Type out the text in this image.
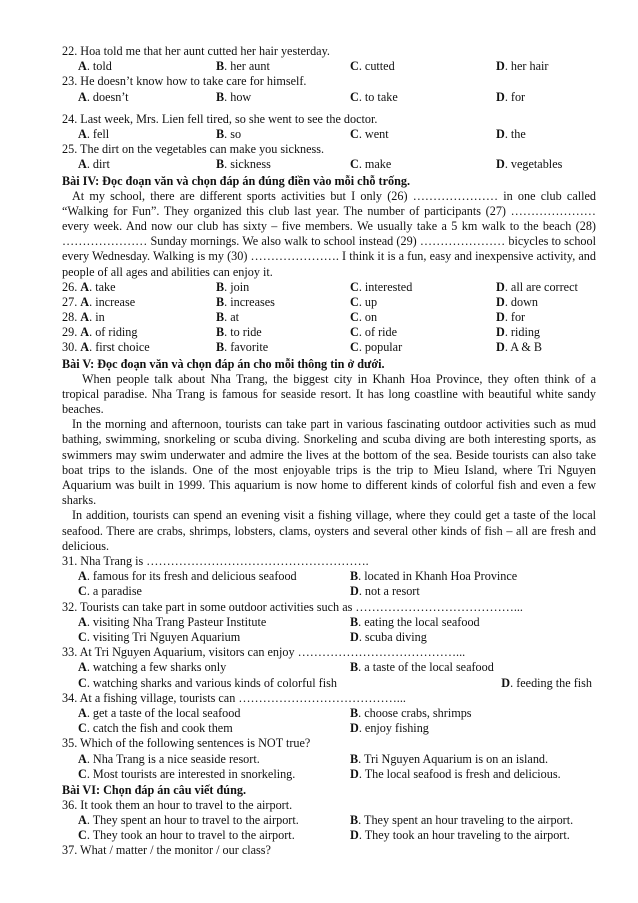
22. Hoa told me that her aunt cutted her hair yesterday.
A. told	B. her aunt	C. cutted	D. her hair
23. He doesn’t know how to take care for himself.
A. doesn’t	B. how	C. to take	D. for
24. Last week, Mrs. Lien fell tired, so she went to see the doctor.
A. fell	B. so	C. went	D. the
25. The dirt on the vegetables can make you sickness.
A. dirt	B. sickness	C. make	D. vegetables
Bài IV: Đọc đoạn văn và chọn đáp án đúng điền vào mỗi chỗ trống.
At my school, there are different sports activities but I only (26) ………………… in one club called “Walking for Fun”. They organized this club last year. The number of participants (27) ………………… every week. And now our club has sixty – five members. We usually take a 5 km walk to the beach (28) ………………… Sunday mornings. We also walk to school instead (29) ………………… bicycles to school every Wednesday. Walking is my (30) …………………. I think it is a fun, easy and inexpensive activity, and people of all ages and abilities can enjoy it.
26. A. take	B. join	C. interested	D. all are correct
27. A. increase	B. increases	C. up	D. down
28. A. in	B. at	C. on	D. for
29. A. of riding	B. to ride	C. of ride	D. riding
30. A. first choice	B. favorite	C. popular	D. A & B
Bài V: Đọc đoạn văn và chọn đáp án cho mỗi thông tin ở dưới.
When people talk about Nha Trang, the biggest city in Khanh Hoa Province, they often think of a tropical paradise. Nha Trang is famous for seaside resort. It has long coastline with beautiful white sandy beaches.
In the morning and afternoon, tourists can take part in various fascinating outdoor activities such as mud bathing, swimming, snorkeling or scuba diving. Snorkeling and scuba diving are both interesting sports, as swimmers may swim underwater and admire the lives at the bottom of the sea. Beside tourists can also take boat trips to the islands. One of the most enjoyable trips is the trip to Mieu Island, where Tri Nguyen Aquarium was built in 1999. This aquarium is now home to different kinds of colorful fish and even a few sharks.
In addition, tourists can spend an evening visit a fishing village, where they could get a taste of the local seafood. There are crabs, shrimps, lobsters, clams, oysters and several other kinds of fish – all are fresh and delicious.
31. Nha Trang is ……………………………………………….
A. famous for its fresh and delicious seafood	B. located in Khanh Hoa Province
C. a paradise	D. not a resort
32. Tourists can take part in some outdoor activities such as …………………………………...
A. visiting Nha Trang Pasteur Institute	B. eating the local seafood
C. visiting Tri Nguyen Aquarium	D. scuba diving
33. At Tri Nguyen Aquarium, visitors can enjoy …………………………………...
A. watching a few sharks only	B. a taste of the local seafood
C. watching sharks and various kinds of colorful fish	D. feeding the fish
34. At a fishing village, tourists can …………………………………...
A. get a taste of the local seafood	B. choose crabs, shrimps
C. catch the fish and cook them	D. enjoy fishing
35. Which of the following sentences is NOT true?
A. Nha Trang is a nice seaside resort.	B. Tri Nguyen Aquarium is on an island.
C. Most tourists are interested in snorkeling.	D. The local seafood is fresh and delicious.
Bài VI: Chọn đáp án câu viết đúng.
36. It took them an hour to travel to the airport.
A. They spent an hour to travel to the airport.	B. They spent an hour traveling to the airport.
C. They took an hour to travel to the airport.	D. They took an hour traveling to the airport.
37. What / matter / the monitor / our class?
